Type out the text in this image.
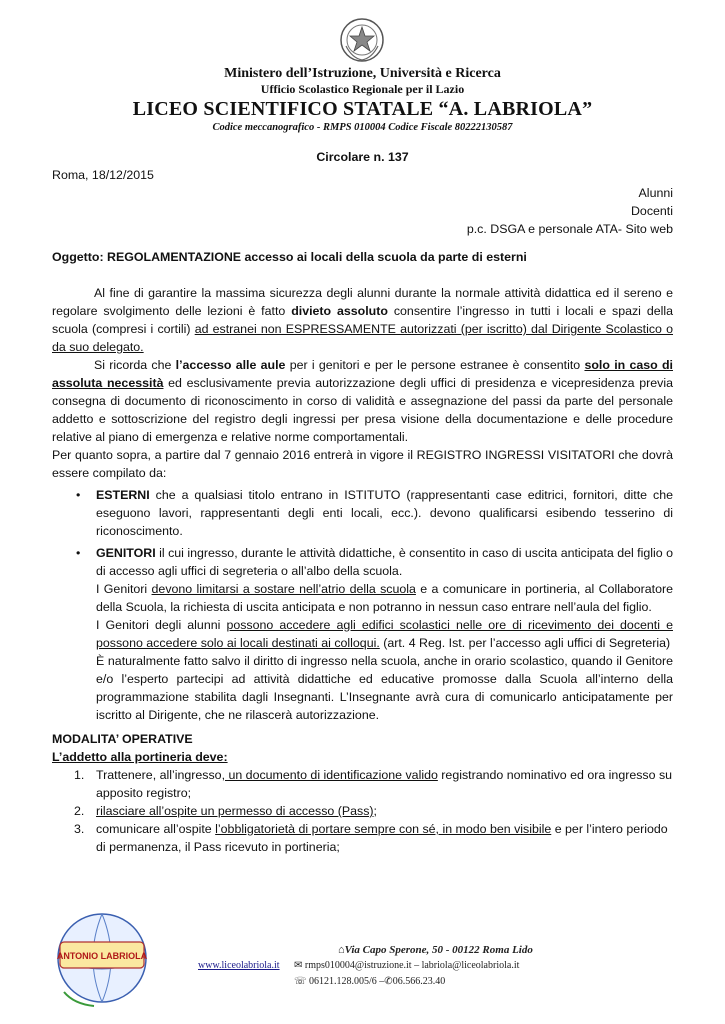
Ministero dell’Istruzione, Università e Ricerca
Ufficio Scolastico Regionale per il Lazio
LICEO SCIENTIFICO STATALE “A. LABRIOLA”
Codice meccanografico - RMPS 010004 Codice Fiscale 80222130587
Circolare n. 137
Roma, 18/12/2015
Alunni
Docenti
p.c. DSGA e personale ATA- Sito web
Oggetto: REGOLAMENTAZIONE accesso ai locali della scuola da parte di esterni

Al fine di garantire la massima sicurezza degli alunni durante la normale attività didattica ed il sereno e regolare svolgimento delle lezioni è fatto divieto assoluto consentire l’ingresso in tutti i locali e spazi della scuola (compresi i cortili) ad estranei non ESPRESSAMENTE autorizzati (per iscritto) dal Dirigente Scolastico o da suo delegato.

Si ricorda che l’accesso alle aule per i genitori e per le persone estranee è consentito solo in caso di assoluta necessità ed esclusivamente previa autorizzazione degli uffici di presidenza e vicepresidenza previa consegna di documento di riconoscimento in corso di validità e assegnazione del passi da parte del personale addetto e sottoscrizione del registro degli ingressi per presa visione della documentazione e delle procedure relative al piano di emergenza e relative norme comportamentali.

Per quanto sopra, a partire dal 7 gennaio 2016 entrerà in vigore il REGISTRO INGRESSI VISITATORI che dovrà essere compilato da:

• ESTERNI che a qualsiasi titolo entrano in ISTITUTO (rappresentanti case editrici, fornitori, ditte che eseguono lavori, rappresentanti degli enti locali, ecc.). devono qualificarsi esibendo tesserino di riconoscimento.
• GENITORI il cui ingresso, durante le attività didattiche, è consentito in caso di uscita anticipata del figlio o di accesso agli uffici di segreteria o all’albo della scuola.
I Genitori devono limitarsi a sostare nell’atrio della scuola e a comunicare in portineria, al Collaboratore della Scuola, la richiesta di uscita anticipata e non potranno in nessun caso entrare nell’aula del figlio.
I Genitori degli alunni possono accedere agli edifici scolastici nelle ore di ricevimento dei docenti e possono accedere solo ai locali destinati ai colloqui. (art. 4 Reg. Ist. per l’accesso agli uffici di Segreteria)
È naturalmente fatto salvo il diritto di ingresso nella scuola, anche in orario scolastico, quando il Genitore e/o l’esperto partecipi ad attività didattiche ed educative promosse dalla Scuola all’interno della programmazione stabilita dagli Insegnanti. L’Insegnante avrà cura di comunicarlo anticipatamente per iscritto al Dirigente, che ne rilascerà autorizzazione.
MODALITA’ OPERATIVE
L’addetto alla portineria deve:
1. Trattenere, all’ingresso, un documento di identificazione valido registrando nominativo ed ora ingresso su apposito registro;
2. rilasciare all’ospite un permesso di accesso (Pass);
3. comunicare all’ospite l’obbligatorietà di portare sempre con sé, in modo ben visibile e per l’intero periodo di permanenza, il Pass ricevuto in portineria;
ANTONIO LABRIOLA	⌂Via Capo Sperone, 50 - 00122 Roma Lido
www.liceolabriola.it ✉ rmps010004@istruzione.it – labriola@liceolabriola.it
☏ 06121.128.005/6 –✆06.566.23.40
